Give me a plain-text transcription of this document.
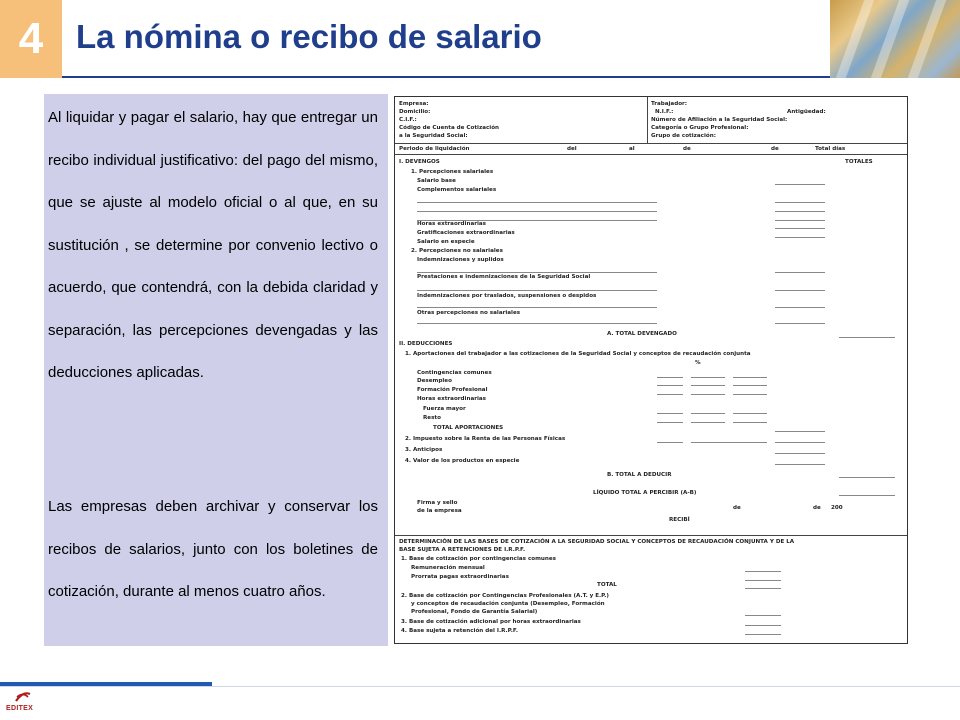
4 La nómina o recibo de salario
Al liquidar y pagar el salario, hay que entregar un recibo individual justificativo: del pago del mismo, que se ajuste al modelo oficial o al que, en su sustitución , se determine por convenio lectivo o acuerdo, que contendrá, con la debida claridad y separación, las percepciones devengadas y las deducciones aplicadas.
Las empresas deben archivar y conservar los recibos de salarios, junto con los boletines de cotización, durante al menos cuatro años.
Empresa:
Domicilio:
C.I.F.:
Código de Cuenta de Cotización
a la Seguridad Social:
Trabajador:
N.I.F.:	Antigüedad:
Número de Afiliación a la Seguridad Social:
Categoría o Grupo Profesional:
Grupo de cotización:
Periodo de liquidación	del	al	de	de	Total días
I. DEVENGOS	TOTALES
1. Percepciones salariales
Salario base
Complementos salariales
Horas extraordinarias
Gratificaciones extraordinarias
Salario en especie
2. Percepciones no salariales
Indemnizaciones y suplidos
Prestaciones e indemnizaciones de la Seguridad Social
Indemnizaciones por traslados, suspensiones o despidos
Otras percepciones no salariales
A. TOTAL DEVENGADO
II. DEDUCCIONES
1. Aportaciones del trabajador a las cotizaciones de la Seguridad Social y conceptos de recaudación conjunta
%
Contingencias comunes
Desempleo
Formación Profesional
Horas extraordinarias
Fuerza mayor
Resto
TOTAL APORTACIONES
2. Impuesto sobre la Renta de las Personas Físicas
3. Anticipos
4. Valor de los productos en especie
B. TOTAL A DEDUCIR
LÍQUIDO TOTAL A PERCIBIR (A-B)
Firma y sello
de la empresa	de	de 200
RECIBÍ
DETERMINACIÓN DE LAS BASES DE COTIZACIÓN A LA SEGURIDAD SOCIAL Y CONCEPTOS DE RECAUDACIÓN CONJUNTA Y DE LA
BASE SUJETA A RETENCIONES DE I.R.P.F.
1. Base de cotización por contingencias comunes
Remuneración mensual
Prorrata pagas extraordinarias
TOTAL
2. Base de cotización por Contingencias Profesionales (A.T. y E.P.)
y conceptos de recaudación conjunta (Desempleo, Formación
Profesional, Fondo de Garantía Salarial)
3. Base de cotización adicional por horas extraordinarias
4. Base sujeta a retención del I.R.P.F.
EDITEX
